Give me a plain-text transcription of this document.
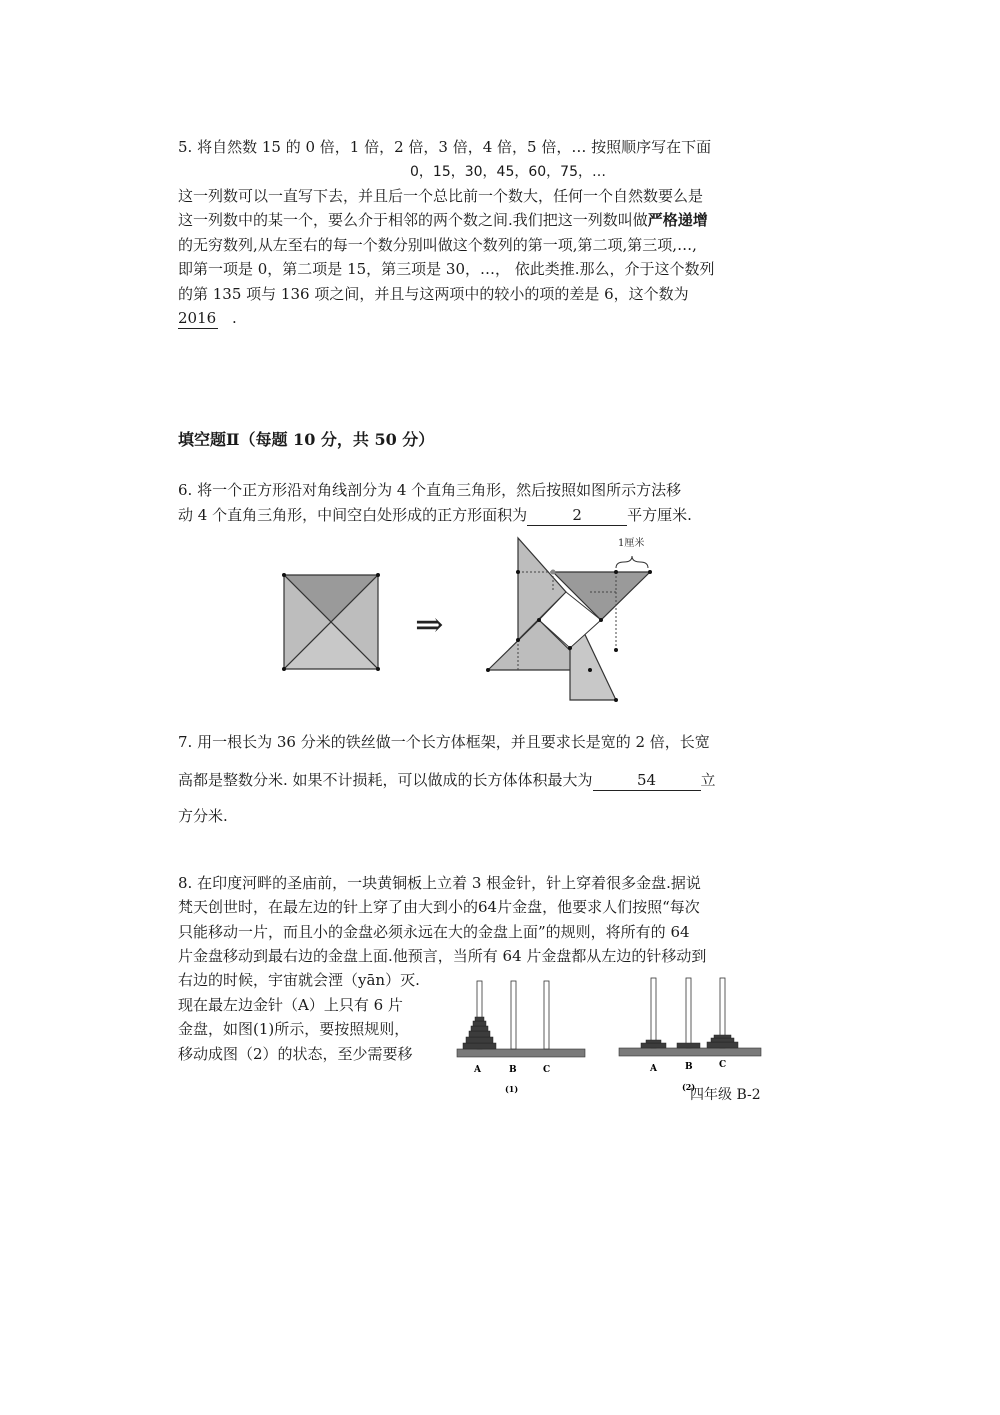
5. 将自然数 15 的 0 倍，1 倍，2 倍，3 倍，4 倍，5 倍，… 按照顺序写在下面
0，15，30，45，60，75，…
这一列数可以一直写下去，并且后一个总比前一个数大，任何一个自然数要么是
这一列数中的某一个，要么介于相邻的两个数之间.我们把这一列数叫做严格递增
的无穷数列,从左至右的每一个数分别叫做这个数列的第一项,第二项,第三项,…,
即第一项是 0，第二项是 15，第三项是 30，…， 依此类推.那么，介于这个数列
的第 135 项与 136 项之间，并且与这两项中的较小的项的差是 6，这个数为
2016 .
填空题Ⅱ（每题 10 分，共 50 分）
6. 将一个正方形沿对角线剖分为 4 个直角三角形，然后按照如图所示方法移
动 4 个直角三角形，中间空白处形成的正方形面积为	2	平方厘米.
⇒
1厘米
7. 用一根长为 36 分米的铁丝做一个长方体框架，并且要求长是宽的 2 倍，长宽
高都是整数分米. 如果不计损耗，可以做成的长方体体积最大为	54	立
方分米.
8. 在印度河畔的圣庙前，一块黄铜板上立着 3 根金针，针上穿着很多金盘.据说
梵天创世时，在最左边的针上穿了由大到小的64片金盘，他要求人们按照“每次
只能移动一片，而且小的金盘必须永远在大的金盘上面”的规则，将所有的 64
片金盘移动到最右边的金盘上面.他预言，当所有 64 片金盘都从左边的针移动到
右边的时候，宇宙就会湮（yān）灭.
现在最左边金针（A）上只有 6 片
金盘，如图(1)所示，要按照规则，
移动成图（2）的状态，至少需要移
A	B	C
(1)
A	B	C
(2)
四年级 B-2
